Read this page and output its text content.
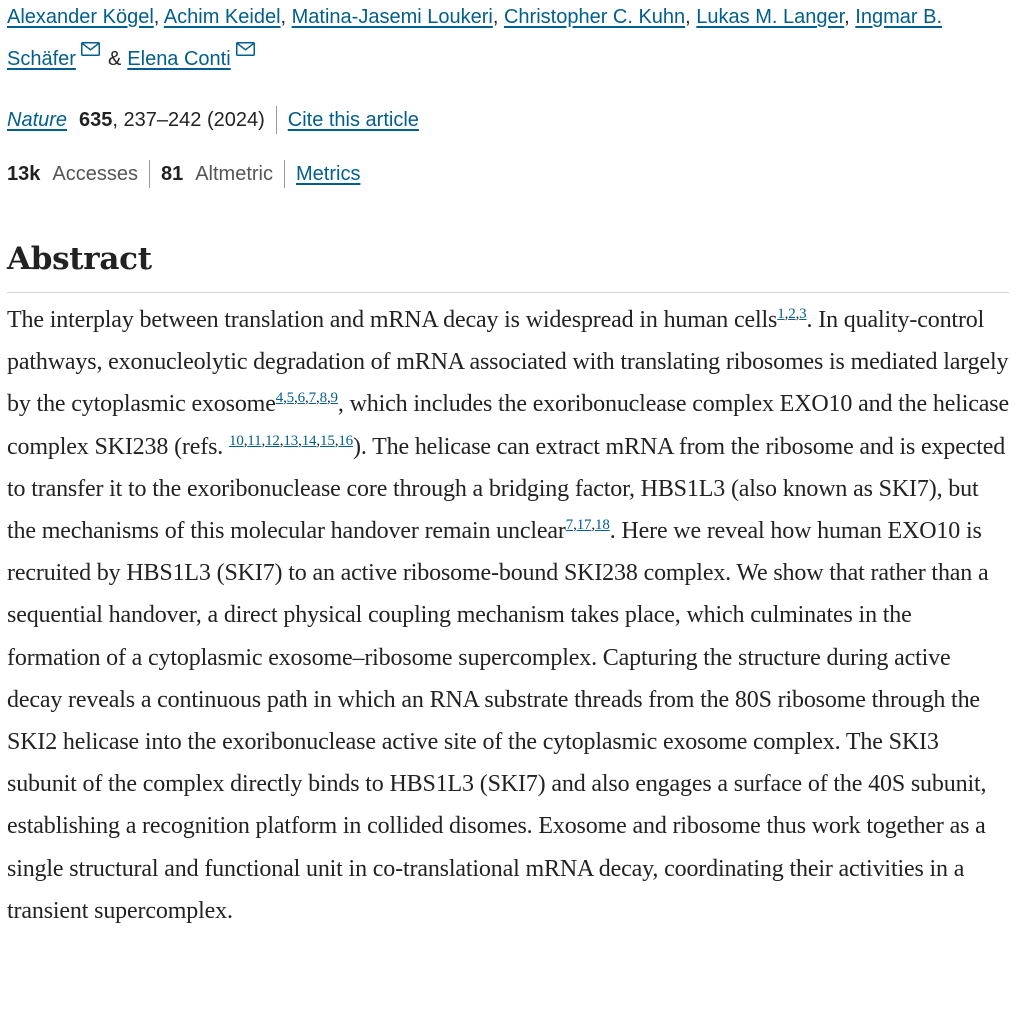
Alexander Kögel, Achim Keidel, Matina-Jasemi Loukeri, Christopher C. Kuhn, Lukas M. Langer, Ingmar B. Schäfer & Elena Conti

Nature 635 , 237–242 (2024) Cite this article
13k Accesses 81 Altmetric Metrics
Abstract

The interplay between translation and mRNA decay is widespread in human cells$^{1,2,3}$. In quality-control pathways, exonucleolytic degradation of mRNA associated with translating ribosomes is mediated largely by the cytoplasmic exosome$^{4,5,6,7,8,9}$, which includes the exoribonuclease complex EXO10 and the helicase complex SKI238 (refs. $^{10,11,12,13,14,15,16}$). The helicase can extract mRNA from the ribosome and is expected to transfer it to the exoribonuclease core through a bridging factor, HBS1L3 (also known as SKI7), but the mechanisms of this molecular handover remain unclear$^{7,17,18}$. Here we reveal how human EXO10 is recruited by HBS1L3 (SKI7) to an active ribosome-bound SKI238 complex. We show that rather than a sequential handover, a direct physical coupling mechanism takes place, which culminates in the formation of a cytoplasmic exosome–ribosome supercomplex. Capturing the structure during active decay reveals a continuous path in which an RNA substrate threads from the 80S ribosome through the SKI2 helicase into the exoribonuclease active site of the cytoplasmic exosome complex. The SKI3 subunit of the complex directly binds to HBS1L3 (SKI7) and also engages a surface of the 40S subunit, establishing a recognition platform in collided disomes. Exosome and ribosome thus work together as a single structural and functional unit in co-translational mRNA decay, coordinating their activities in a transient supercomplex.
